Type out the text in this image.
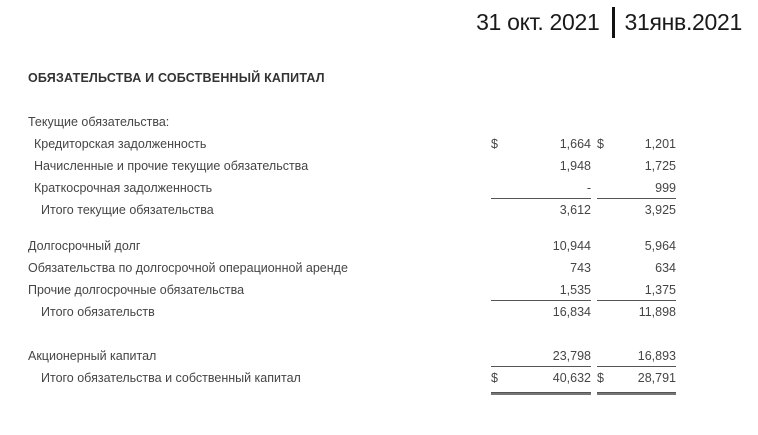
31 окт. 2021 31янв.2021
ОБЯЗАТЕЛЬСТВА И СОБСТВЕННЫЙ КАПИТАЛ
Текущие обязательства:
Кредиторская задолженность	$	1,664 $	1,201
Начисленные и прочие текущие обязательства	1,948	1,725
Краткосрочная задолженность	-	999
Итого текущие обязательства	3,612	3,925
Долгосрочный долг	10,944	5,964
Обязательства по долгосрочной операционной аренде	743	634
Прочие долгосрочные обязательства	1,535	1,375
Итого обязательств	16,834	11,898
Акционерный капитал	23,798	16,893
Итого обязательства и собственный капитал	$	40,632 $	28,791
